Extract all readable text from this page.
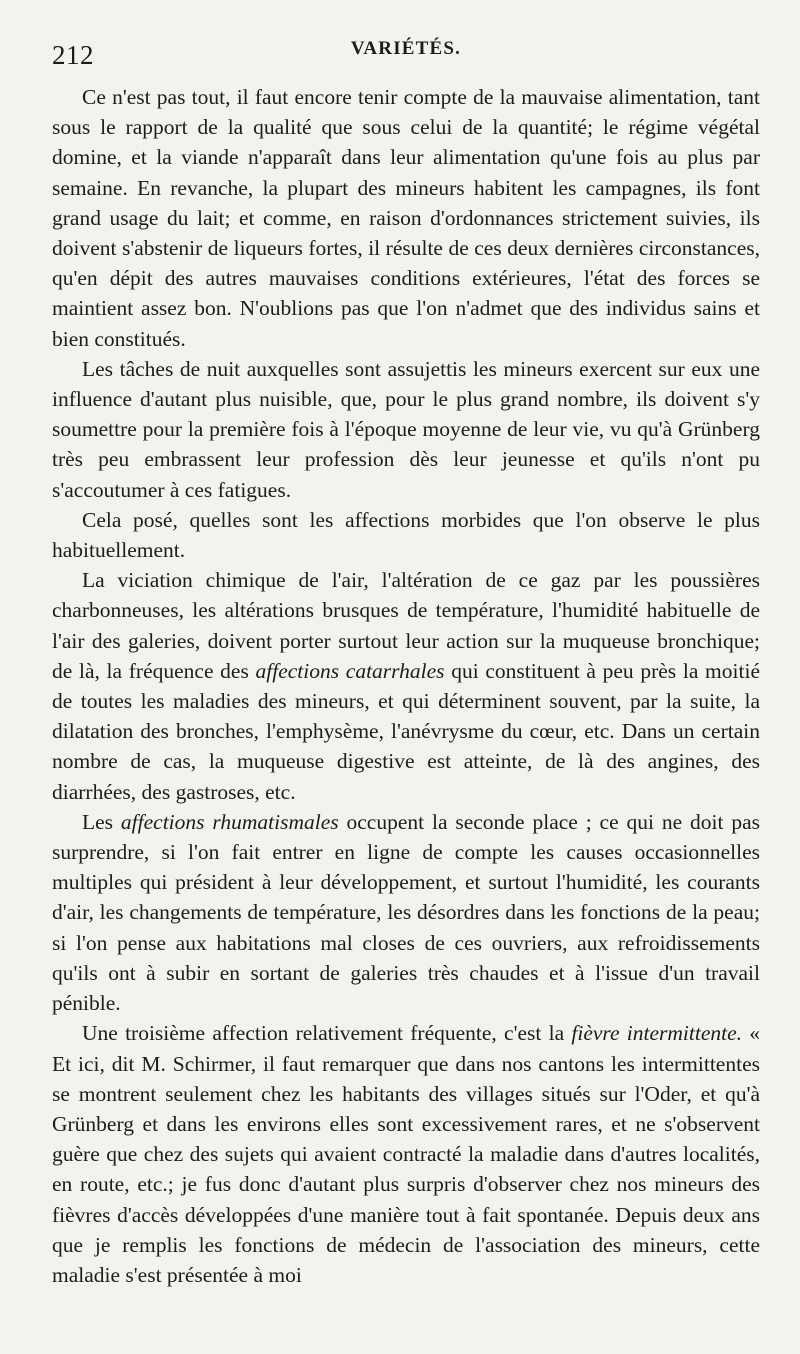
212	VARIÉTÉS.

Ce n'est pas tout, il faut encore tenir compte de la mauvaise alimentation, tant sous le rapport de la qualité que sous celui de la quantité; le régime végétal domine, et la viande n'apparaît dans leur alimentation qu'une fois au plus par semaine. En revanche, la plupart des mineurs habitent les campagnes, ils font grand usage du lait; et comme, en raison d'ordonnances strictement suivies, ils doivent s'abstenir de liqueurs fortes, il résulte de ces deux dernières circonstances, qu'en dépit des autres mauvaises conditions extérieures, l'état des forces se maintient assez bon. N'oublions pas que l'on n'admet que des individus sains et bien constitués.

Les tâches de nuit auxquelles sont assujettis les mineurs exercent sur eux une influence d'autant plus nuisible, que, pour le plus grand nombre, ils doivent s'y soumettre pour la première fois à l'époque moyenne de leur vie, vu qu'à Grünberg très peu embrassent leur profession dès leur jeunesse et qu'ils n'ont pu s'accoutumer à ces fatigues.

Cela posé, quelles sont les affections morbides que l'on observe le plus habituellement.

La viciation chimique de l'air, l'altération de ce gaz par les poussières charbonneuses, les altérations brusques de température, l'humidité habituelle de l'air des galeries, doivent porter surtout leur action sur la muqueuse bronchique; de là, la fréquence des affections catarrhales qui constituent à peu près la moitié de toutes les maladies des mineurs, et qui déterminent souvent, par la suite, la dilatation des bronches, l'emphysème, l'anévrysme du cœur, etc. Dans un certain nombre de cas, la muqueuse digestive est atteinte, de là des angines, des diarrhées, des gastroses, etc.

Les affections rhumatismales occupent la seconde place ; ce qui ne doit pas surprendre, si l'on fait entrer en ligne de compte les causes occasionnelles multiples qui président à leur développement, et surtout l'humidité, les courants d'air, les changements de température, les désordres dans les fonctions de la peau; si l'on pense aux habitations mal closes de ces ouvriers, aux refroidissements qu'ils ont à subir en sortant de galeries très chaudes et à l'issue d'un travail pénible.

Une troisième affection relativement fréquente, c'est la fièvre intermittente. « Et ici, dit M. Schirmer, il faut remarquer que dans nos cantons les intermittentes se montrent seulement chez les habitants des villages situés sur l'Oder, et qu'à Grünberg et dans les environs elles sont excessivement rares, et ne s'observent guère que chez des sujets qui avaient contracté la maladie dans d'autres localités, en route, etc.; je fus donc d'autant plus surpris d'observer chez nos mineurs des fièvres d'accès développées d'une manière tout à fait spontanée. Depuis deux ans que je remplis les fonctions de médecin de l'association des mineurs, cette maladie s'est présentée à moi
